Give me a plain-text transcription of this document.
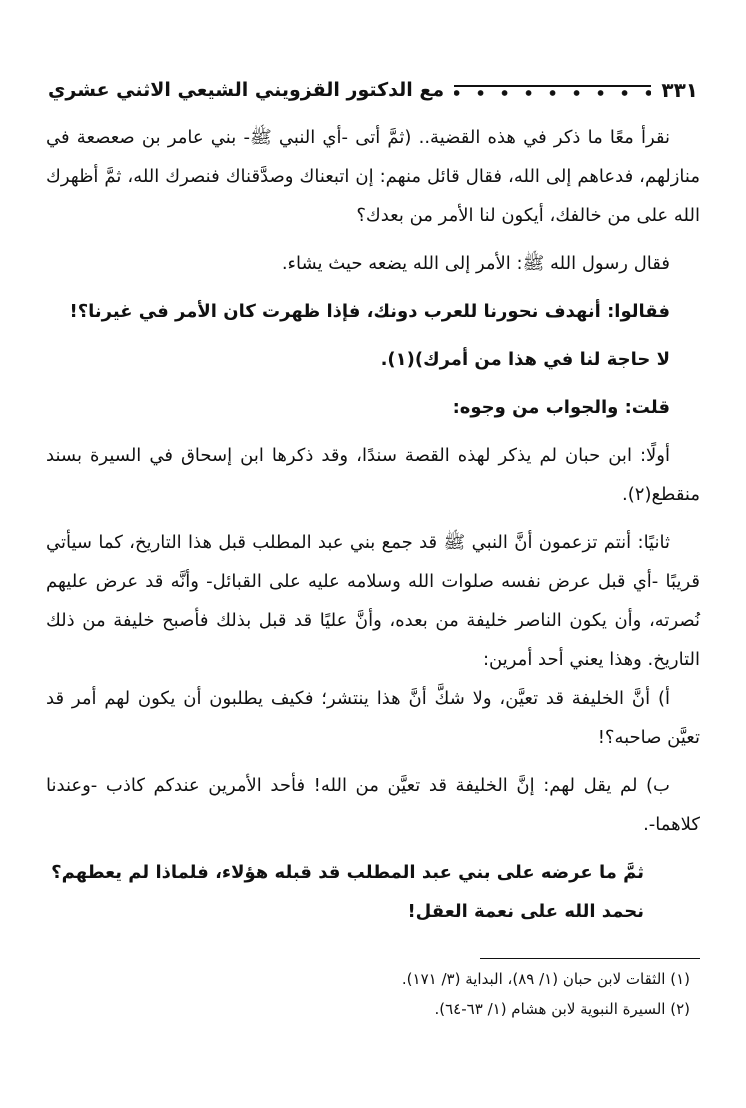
مع الدكتور القزويني الشيعي الاثني عشري	٣٣١

نقرأ معًا ما ذكر في هذه القضية.. (ثمَّ أتى -أي النبي ﷺ- بني عامر بن صعصعة في منازلهم، فدعاهم إلى الله، فقال قائل منهم: إن اتبعناك وصدَّقناك فنصرك الله، ثمَّ أظهرك الله على من خالفك، أيكون لنا الأمر من بعدك؟

فقال رسول الله ﷺ: الأمر إلى الله يضعه حيث يشاء.

فقالوا: أنهدف نحورنا للعرب دونك، فإذا ظهرت كان الأمر في غيرنا؟!

لا حاجة لنا في هذا من أمرك)(١).

قلت: والجواب من وجوه:

أولًا: ابن حبان لم يذكر لهذه القصة سندًا، وقد ذكرها ابن إسحاق في السيرة بسند منقطع(٢).

ثانيًا: أنتم تزعمون أنَّ النبي ﷺ قد جمع بني عبد المطلب قبل هذا التاريخ، كما سيأتي قريبًا -أي قبل عرض نفسه صلوات الله وسلامه عليه على القبائل- وأنَّه قد عرض عليهم نُصرته، وأن يكون الناصر خليفة من بعده، وأنَّ عليًا قد قبل بذلك فأصبح خليفة من ذلك التاريخ. وهذا يعني أحد أمرين:

أ) أنَّ الخليفة قد تعيَّن، ولا شكَّ أنَّ هذا ينتشر؛ فكيف يطلبون أن يكون لهم أمر قد تعيَّن صاحبه؟!

ب) لم يقل لهم: إنَّ الخليفة قد تعيَّن من الله! فأحد الأمرين عندكم كاذب -وعندنا كلاهما-.

ثمَّ ما عرضه على بني عبد المطلب قد قبله هؤلاء، فلماذا لم يعطهم؟

نحمد الله على نعمة العقل!

(١) الثقات لابن حبان (١/ ٨٩)، البداية (٣/ ١٧١).

(٢) السيرة النبوية لابن هشام (١/ ٦٣-٦٤).
